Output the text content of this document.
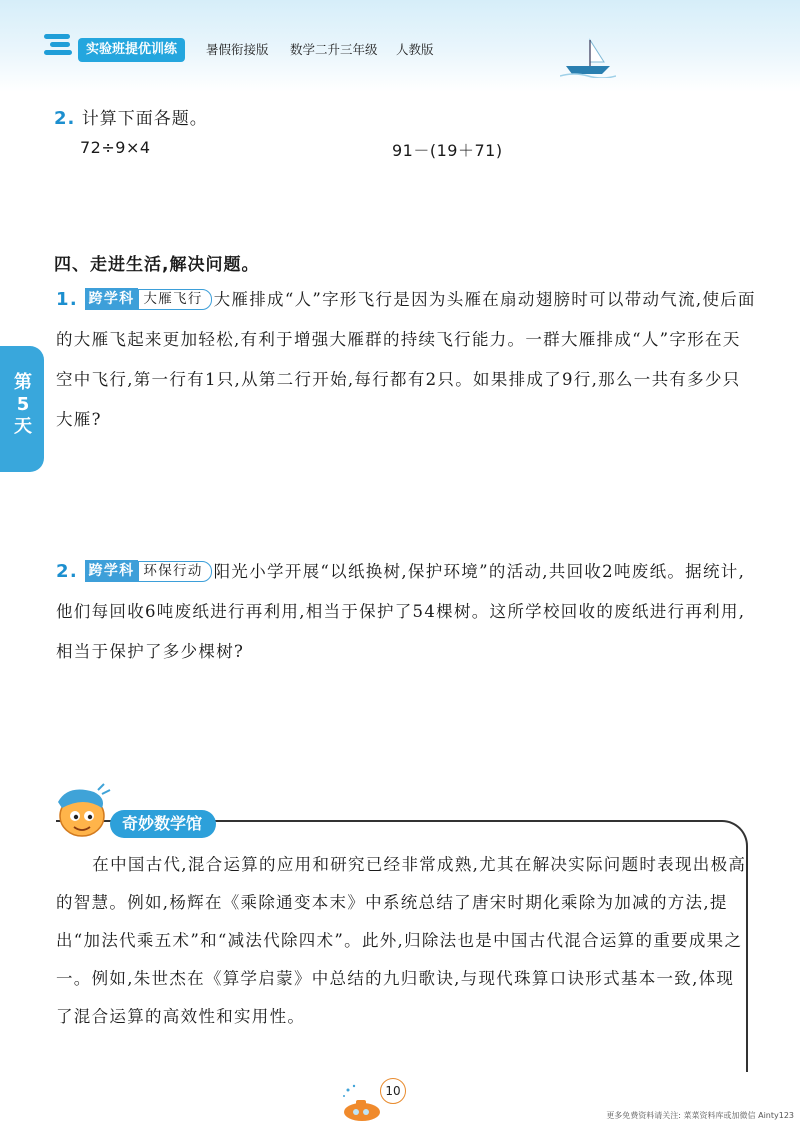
实验班提优训练	暑假衔接版 数学二升三年级 人教版
第5天
2. 计算下面各题。
72÷9×4	91－(19＋71)
四、走进生活,解决问题。
1. 跨学科 大雁飞行 大雁排成“人”字形飞行是因为头雁在扇动翅膀时可以带动气流,使后面的大雁飞起来更加轻松,有利于增强大雁群的持续飞行能力。一群大雁排成“人”字形在天空中飞行,第一行有1只,从第二行开始,每行都有2只。如果排成了9行,那么一共有多少只大雁?
2. 跨学科 环保行动 阳光小学开展“以纸换树,保护环境”的活动,共回收2吨废纸。据统计,他们每回收6吨废纸进行再利用,相当于保护了54棵树。这所学校回收的废纸进行再利用,相当于保护了多少棵树?
奇妙数学馆
在中国古代,混合运算的应用和研究已经非常成熟,尤其在解决实际问题时表现出极高的智慧。例如,杨辉在《乘除通变本末》中系统总结了唐宋时期化乘除为加减的方法,提出“加法代乘五术”和“减法代除四术”。此外,归除法也是中国古代混合运算的重要成果之一。例如,朱世杰在《算学启蒙》中总结的九归歌诀,与现代珠算口诀形式基本一致,体现了混合运算的高效性和实用性。
10
更多免费资料请关注: 菜菜资料库或加微信 Ainty123
